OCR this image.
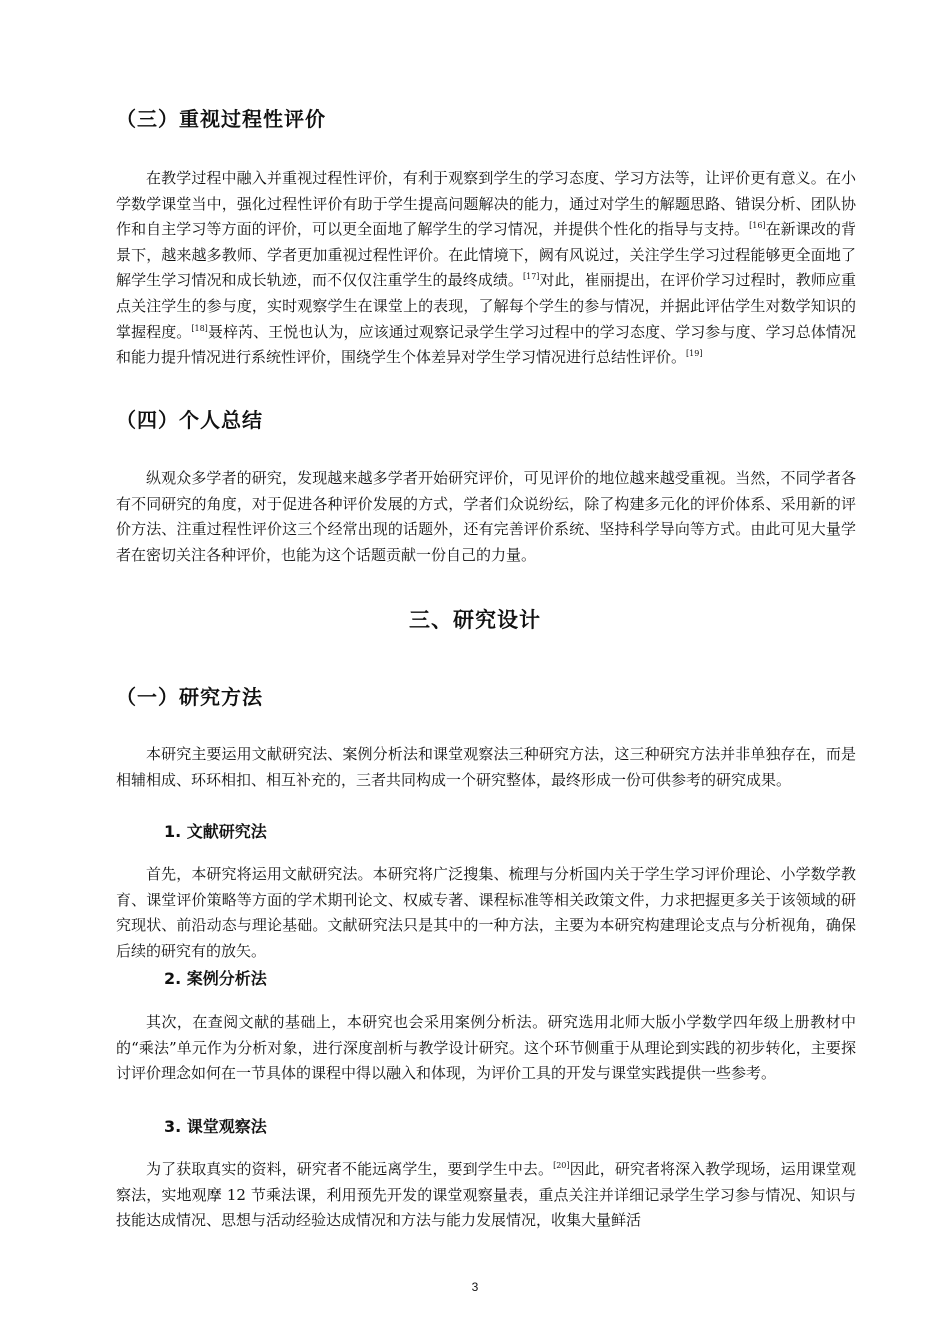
（三）重视过程性评价

在教学过程中融入并重视过程性评价，有利于观察到学生的学习态度、学习方法等，让评价更有意义。在小学数学课堂当中，强化过程性评价有助于学生提高问题解决的能力，通过对学生的解题思路、错误分析、团队协作和自主学习等方面的评价，可以更全面地了解学生的学习情况，并提供个性化的指导与支持。[16]在新课改的背景下，越来越多教师、学者更加重视过程性评价。在此情境下，阙有风说过，关注学生学习过程能够更全面地了解学生学习情况和成长轨迹，而不仅仅注重学生的最终成绩。[17]对此，崔丽提出，在评价学习过程时，教师应重点关注学生的参与度，实时观察学生在课堂上的表现，了解每个学生的参与情况，并据此评估学生对数学知识的掌握程度。[18]聂梓芮、王悦也认为，应该通过观察记录学生学习过程中的学习态度、学习参与度、学习总体情况和能力提升情况进行系统性评价，围绕学生个体差异对学生学习情况进行总结性评价。[19]

（四）个人总结

纵观众多学者的研究，发现越来越多学者开始研究评价，可见评价的地位越来越受重视。当然，不同学者各有不同研究的角度，对于促进各种评价发展的方式，学者们众说纷纭，除了构建多元化的评价体系、采用新的评价方法、注重过程性评价这三个经常出现的话题外，还有完善评价系统、坚持科学导向等方式。由此可见大量学者在密切关注各种评价，也能为这个话题贡献一份自己的力量。

三、研究设计
（一）研究方法

本研究主要运用文献研究法、案例分析法和课堂观察法三种研究方法，这三种研究方法并非单独存在，而是相辅相成、环环相扣、相互补充的，三者共同构成一个研究整体，最终形成一份可供参考的研究成果。

1. 文献研究法

首先，本研究将运用文献研究法。本研究将广泛搜集、梳理与分析国内关于学生学习评价理论、小学数学教育、课堂评价策略等方面的学术期刊论文、权威专著、课程标准等相关政策文件，力求把握更多关于该领域的研究现状、前沿动态与理论基础。文献研究法只是其中的一种方法，主要为本研究构建理论支点与分析视角，确保后续的研究有的放矢。

2. 案例分析法

其次，在查阅文献的基础上，本研究也会采用案例分析法。研究选用北师大版小学数学四年级上册教材中的“乘法”单元作为分析对象，进行深度剖析与教学设计研究。这个环节侧重于从理论到实践的初步转化，主要探讨评价理念如何在一节具体的课程中得以融入和体现，为评价工具的开发与课堂实践提供一些参考。

3. 课堂观察法

为了获取真实的资料，研究者不能远离学生，要到学生中去。[20]因此，研究者将深入教学现场，运用课堂观察法，实地观摩 12 节乘法课，利用预先开发的课堂观察量表，重点关注并详细记录学生学习参与情况、知识与技能达成情况、思想与活动经验达成情况和方法与能力发展情况，收集大量鲜活

3
